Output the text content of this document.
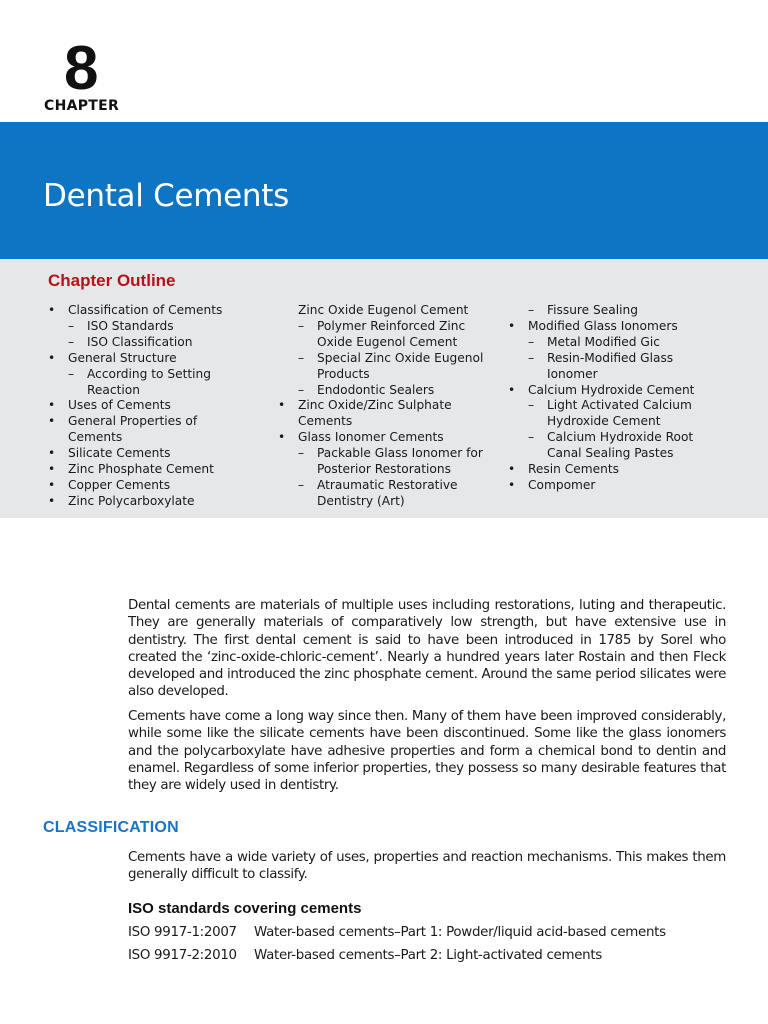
8
CHAPTER
Dental Cements
Chapter Outline
• Classification of Cements
– ISO Standards
– ISO Classification
• General Structure
– According to Setting Reaction
• Uses of Cements
• General Properties of Cements
• Silicate Cements
• Zinc Phosphate Cement
• Copper Cements
• Zinc Polycarboxylate
Zinc Oxide Eugenol Cement
– Polymer Reinforced Zinc Oxide Eugenol Cement
– Special Zinc Oxide Eugenol Products
– Endodontic Sealers
• Zinc Oxide/Zinc Sulphate Cements
• Glass Ionomer Cements
– Packable Glass Ionomer for Posterior Restorations
– Atraumatic Restorative Dentistry (Art)
– Fissure Sealing
• Modified Glass Ionomers
– Metal Modified Gic
– Resin-Modified Glass Ionomer
• Calcium Hydroxide Cement
– Light Activated Calcium Hydroxide Cement
– Calcium Hydroxide Root Canal Sealing Pastes
• Resin Cements
• Compomer
Dental cements are materials of multiple uses including restorations, luting and therapeutic. They are generally materials of comparatively low strength, but have extensive use in dentistry. The first dental cement is said to have been introduced in 1785 by Sorel who created the ‘zinc-oxide-chloric-cement’. Nearly a hundred years later Rostain and then Fleck developed and introduced the zinc phosphate cement. Around the same period silicates were also developed.
Cements have come a long way since then. Many of them have been improved considerably, while some like the silicate cements have been discontinued. Some like the glass ionomers and the polycarboxylate have adhesive properties and form a chemical bond to dentin and enamel. Regardless of some inferior properties, they possess so many desirable features that they are widely used in dentistry.
CLASSIFICATION
Cements have a wide variety of uses, properties and reaction mechanisms. This makes them generally difficult to classify.
ISO standards covering cements
ISO 9917-1:2007 Water-based cements–Part 1: Powder/liquid acid-based cements
ISO 9917-2:2010 Water-based cements–Part 2: Light-activated cements
